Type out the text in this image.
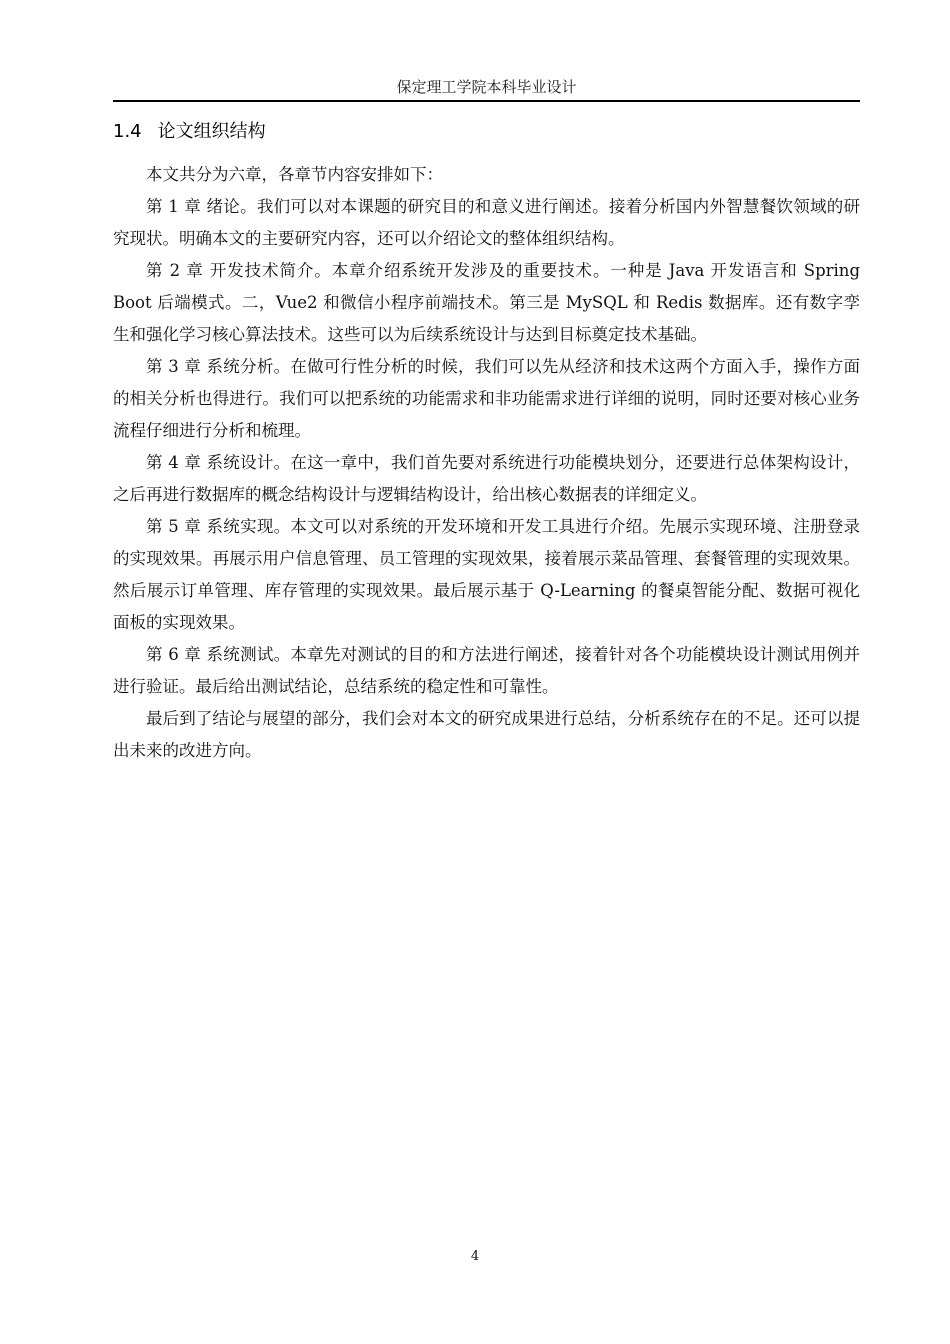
保定理工学院本科毕业设计
1.4 论文组织结构

本文共分为六章，各章节内容安排如下：

第 1 章 绪论。我们可以对本课题的研究目的和意义进行阐述。接着分析国内外智慧餐饮领域的研究现状。明确本文的主要研究内容，还可以介绍论文的整体组织结构。

第 2 章 开发技术简介。本章介绍系统开发涉及的重要技术。一种是 Java 开发语言和 Spring Boot 后端模式。二，Vue2 和微信小程序前端技术。第三是 MySQL 和 Redis 数据库。还有数字孪生和强化学习核心算法技术。这些可以为后续系统设计与达到目标奠定技术基础。

第 3 章 系统分析。在做可行性分析的时候，我们可以先从经济和技术这两个方面入手，操作方面的相关分析也得进行。我们可以把系统的功能需求和非功能需求进行详细的说明，同时还要对核心业务流程仔细进行分析和梳理。

第 4 章 系统设计。在这一章中，我们首先要对系统进行功能模块划分，还要进行总体架构设计，之后再进行数据库的概念结构设计与逻辑结构设计，给出核心数据表的详细定义。

第 5 章 系统实现。本文可以对系统的开发环境和开发工具进行介绍。先展示实现环境、注册登录的实现效果。再展示用户信息管理、员工管理的实现效果，接着展示菜品管理、套餐管理的实现效果。然后展示订单管理、库存管理的实现效果。最后展示基于 Q-Learning 的餐桌智能分配、数据可视化面板的实现效果。

第 6 章 系统测试。本章先对测试的目的和方法进行阐述，接着针对各个功能模块设计测试用例并进行验证。最后给出测试结论，总结系统的稳定性和可靠性。

最后到了结论与展望的部分，我们会对本文的研究成果进行总结，分析系统存在的不足。还可以提出未来的改进方向。

4
